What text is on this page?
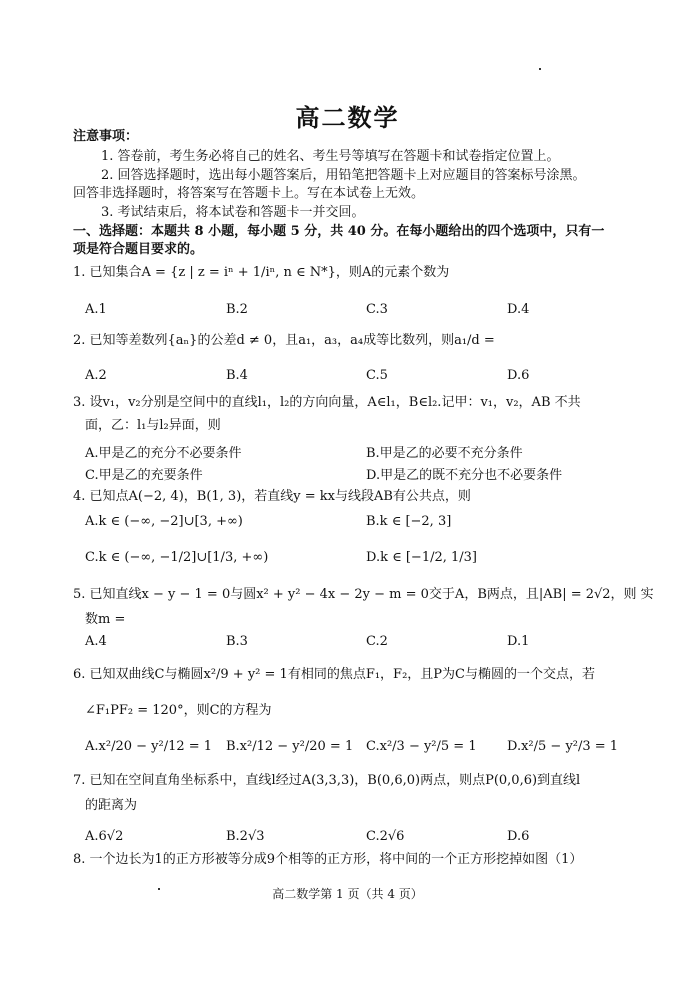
高二数学
注意事项：
1. 答卷前，考生务必将自己的姓名、考生号等填写在答题卡和试卷指定位置上。
2. 回答选择题时，选出每小题答案后，用铅笔把答题卡上对应题目的答案标号涂黑。
回答非选择题时，将答案写在答题卡上。写在本试卷上无效。
3. 考试结束后，将本试卷和答题卡一并交回。
一、选择题：本题共 8 小题，每小题 5 分，共 40 分。在每小题给出的四个选项中，只有一
项是符合题目要求的。
1. 已知集合A = {z | z = iⁿ + 1/iⁿ, n ∈ N*}，则A的元素个数为
A.1	B.2	C.3	D.4
2. 已知等差数列{aₙ}的公差d ≠ 0，且a₁，a₃，a₄成等比数列，则a₁/d =
A.2	B.4	C.5	D.6
3. 设v₁，v₂分别是空间中的直线l₁，l₂的方向向量，A∈l₁，B∈l₂.记甲：v₁，v₂，AB 不共
面，乙：l₁与l₂异面，则
A.甲是乙的充分不必要条件	B.甲是乙的必要不充分条件
C.甲是乙的充要条件	D.甲是乙的既不充分也不必要条件
4. 已知点A(−2, 4)，B(1, 3)，若直线y = kx与线段AB有公共点，则
A.k ∈ (−∞, −2]∪[3, +∞)	B.k ∈ [−2, 3]
C.k ∈ (−∞, −1/2]∪[1/3, +∞)	D.k ∈ [−1/2, 1/3]
5. 已知直线x − y − 1 = 0与圆x² + y² − 4x − 2y − m = 0交于A，B两点，且|AB| = 2√2，则 实
数m =
A.4	B.3	C.2	D.1
6. 已知双曲线C与椭圆x²/9 + y² = 1有相同的焦点F₁，F₂，且P为C与椭圆的一个交点，若
∠F₁PF₂ = 120°，则C的方程为
A.x²/20 − y²/12 = 1 B.x²/12 − y²/20 = 1 C.x²/3 − y²/5 = 1 D.x²/5 − y²/3 = 1
7. 已知在空间直角坐标系中，直线l经过A(3,3,3)，B(0,6,0)两点，则点P(0,0,6)到直线l
的距离为
A.6√2	B.2√3	C.2√6	D.6
8. 一个边长为1的正方形被等分成9个相等的正方形，将中间的一个正方形挖掉如图（1）
高二数学第 1 页（共 4 页）
